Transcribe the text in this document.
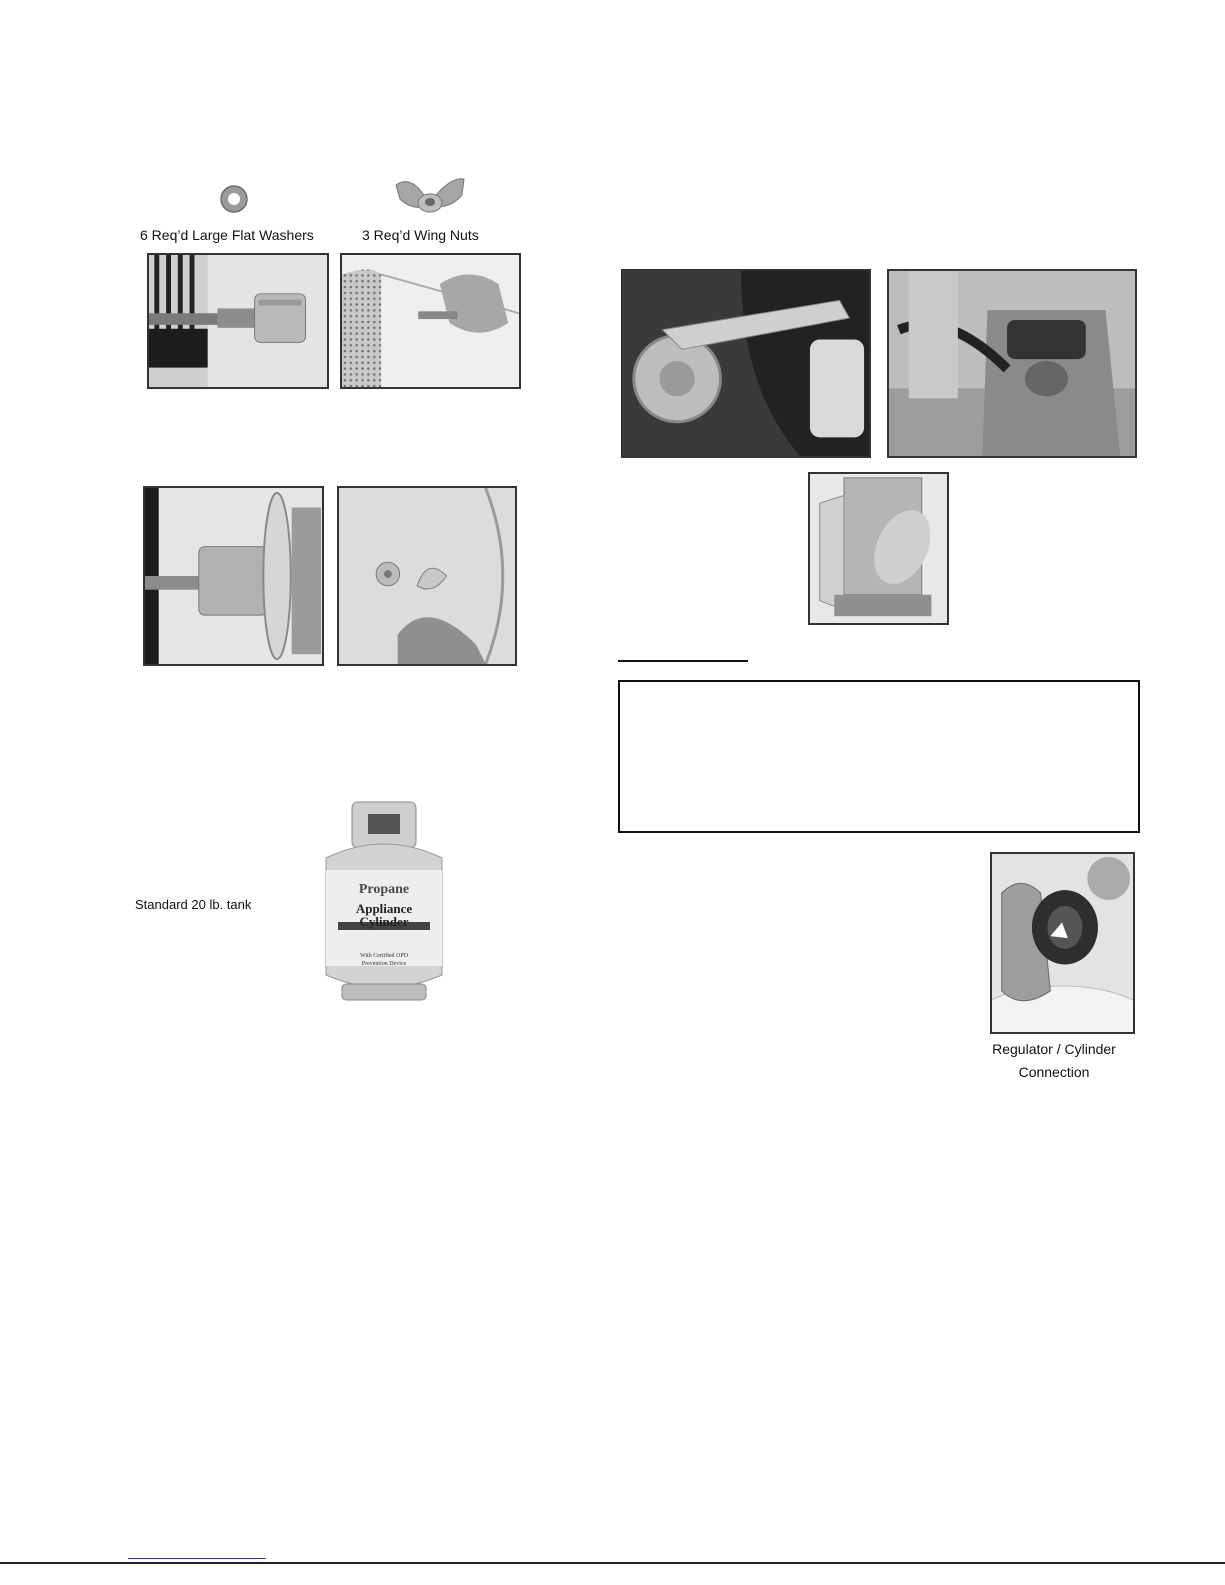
6 Req’d Large Flat Washers	3 Req’d Wing Nuts
Standard 20 lb. tank
Propane
Appliance
Cylinder
With Certified OPD
Prevention Device
Regulator / Cylinder
Connection
